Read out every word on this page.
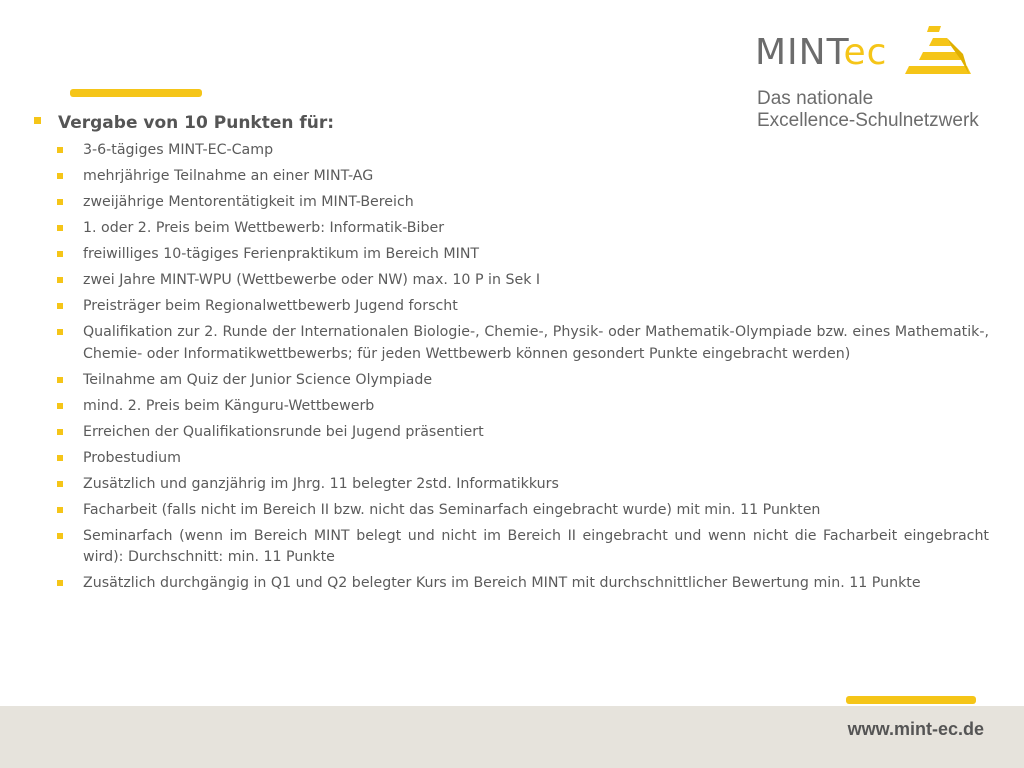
MINTec
Das nationale
Excellence-Schulnetzwerk
Vergabe von 10 Punkten für:
3-6-tägiges MINT-EC-Camp
mehrjährige Teilnahme an einer MINT-AG
zweijährige Mentorentätigkeit im MINT-Bereich
1. oder 2. Preis beim Wettbewerb: Informatik-Biber
freiwilliges 10-tägiges Ferienpraktikum im Bereich MINT
zwei Jahre MINT-WPU (Wettbewerbe oder NW) max. 10 P in Sek I
Preisträger beim Regionalwettbewerb Jugend forscht
Qualifikation zur 2. Runde der Internationalen Biologie-, Chemie-, Physik- oder Mathematik-Olympiade bzw. eines Mathematik-, Chemie- oder Informatikwettbewerbs; für jeden Wettbewerb können gesondert Punkte eingebracht werden)
Teilnahme am Quiz der Junior Science Olympiade
mind. 2. Preis beim Känguru-Wettbewerb
Erreichen der Qualifikationsrunde bei Jugend präsentiert
Probestudium
Zusätzlich und ganzjährig im Jhrg. 11 belegter 2std. Informatikkurs
Facharbeit (falls nicht im Bereich II bzw. nicht das Seminarfach eingebracht wurde) mit min. 11 Punkten
Seminarfach (wenn im Bereich MINT belegt und nicht im Bereich II eingebracht und wenn nicht die Facharbeit eingebracht wird): Durchschnitt: min. 11 Punkte
Zusätzlich durchgängig in Q1 und Q2 belegter Kurs im Bereich MINT mit durchschnittlicher Bewertung min. 11 Punkte
www.mint-ec.de
